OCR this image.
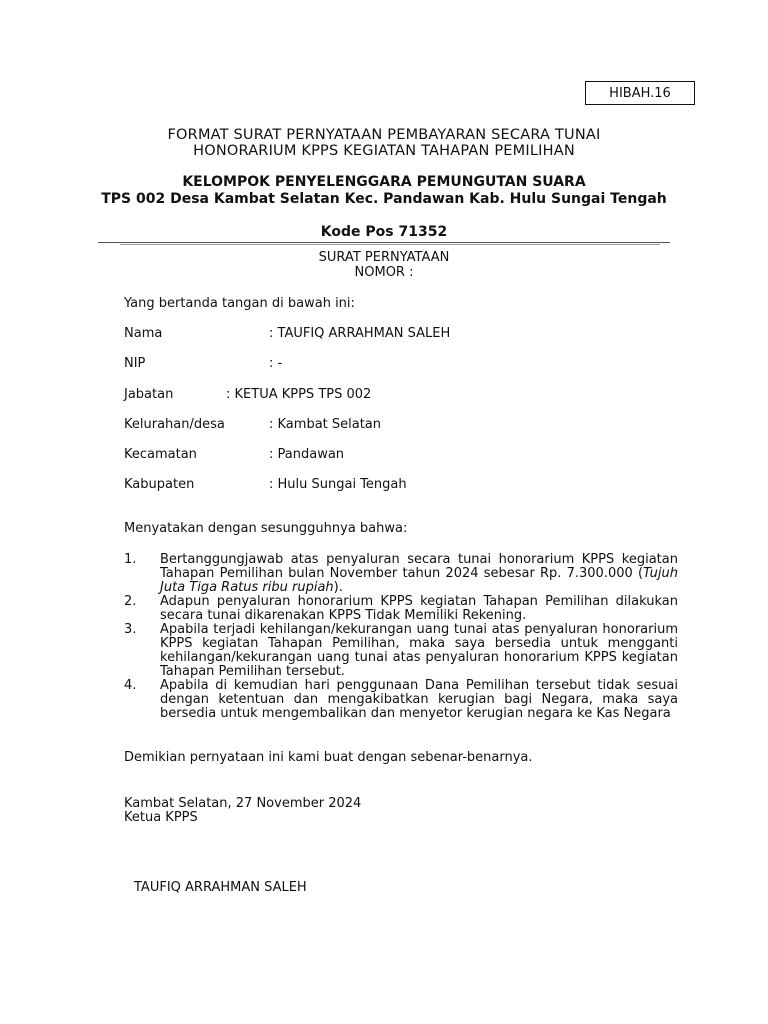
HIBAH.16
FORMAT SURAT PERNYATAAN PEMBAYARAN SECARA TUNAI
HONORARIUM KPPS KEGIATAN TAHAPAN PEMILIHAN
KELOMPOK PENYELENGGARA PEMUNGUTAN SUARA
TPS 002 Desa Kambat Selatan Kec. Pandawan Kab. Hulu Sungai Tengah
Kode Pos 71352
SURAT PERNYATAAN
NOMOR :
Yang bertanda tangan di bawah ini:
Nama	: TAUFIQ ARRAHMAN SALEH
NIP	: -
Jabatan	: KETUA KPPS TPS 002
Kelurahan/desa	: Kambat Selatan
Kecamatan	: Pandawan
Kabupaten	: Hulu Sungai Tengah
Menyatakan dengan sesungguhnya bahwa:
1.	Bertanggungjawab atas penyaluran secara tunai honorarium KPPS kegiatan Tahapan Pemilihan bulan November tahun 2024 sebesar Rp. 7.300.000 (Tujuh Juta Tiga Ratus ribu rupiah).
2.	Adapun penyaluran honorarium KPPS kegiatan Tahapan Pemilihan dilakukan secara tunai dikarenakan KPPS Tidak Memiliki Rekening.
3.	Apabila terjadi kehilangan/kekurangan uang tunai atas penyaluran honorarium KPPS kegiatan Tahapan Pemilihan, maka saya bersedia untuk mengganti kehilangan/kekurangan uang tunai atas penyaluran honorarium KPPS kegiatan Tahapan Pemilihan tersebut.
4.	Apabila di kemudian hari penggunaan Dana Pemilihan tersebut tidak sesuai dengan ketentuan dan mengakibatkan kerugian bagi Negara, maka saya bersedia untuk mengembalikan dan menyetor kerugian negara ke Kas Negara
Demikian pernyataan ini kami buat dengan sebenar-benarnya.
Kambat Selatan, 27 November 2024
Ketua KPPS
TAUFIQ ARRAHMAN SALEH
